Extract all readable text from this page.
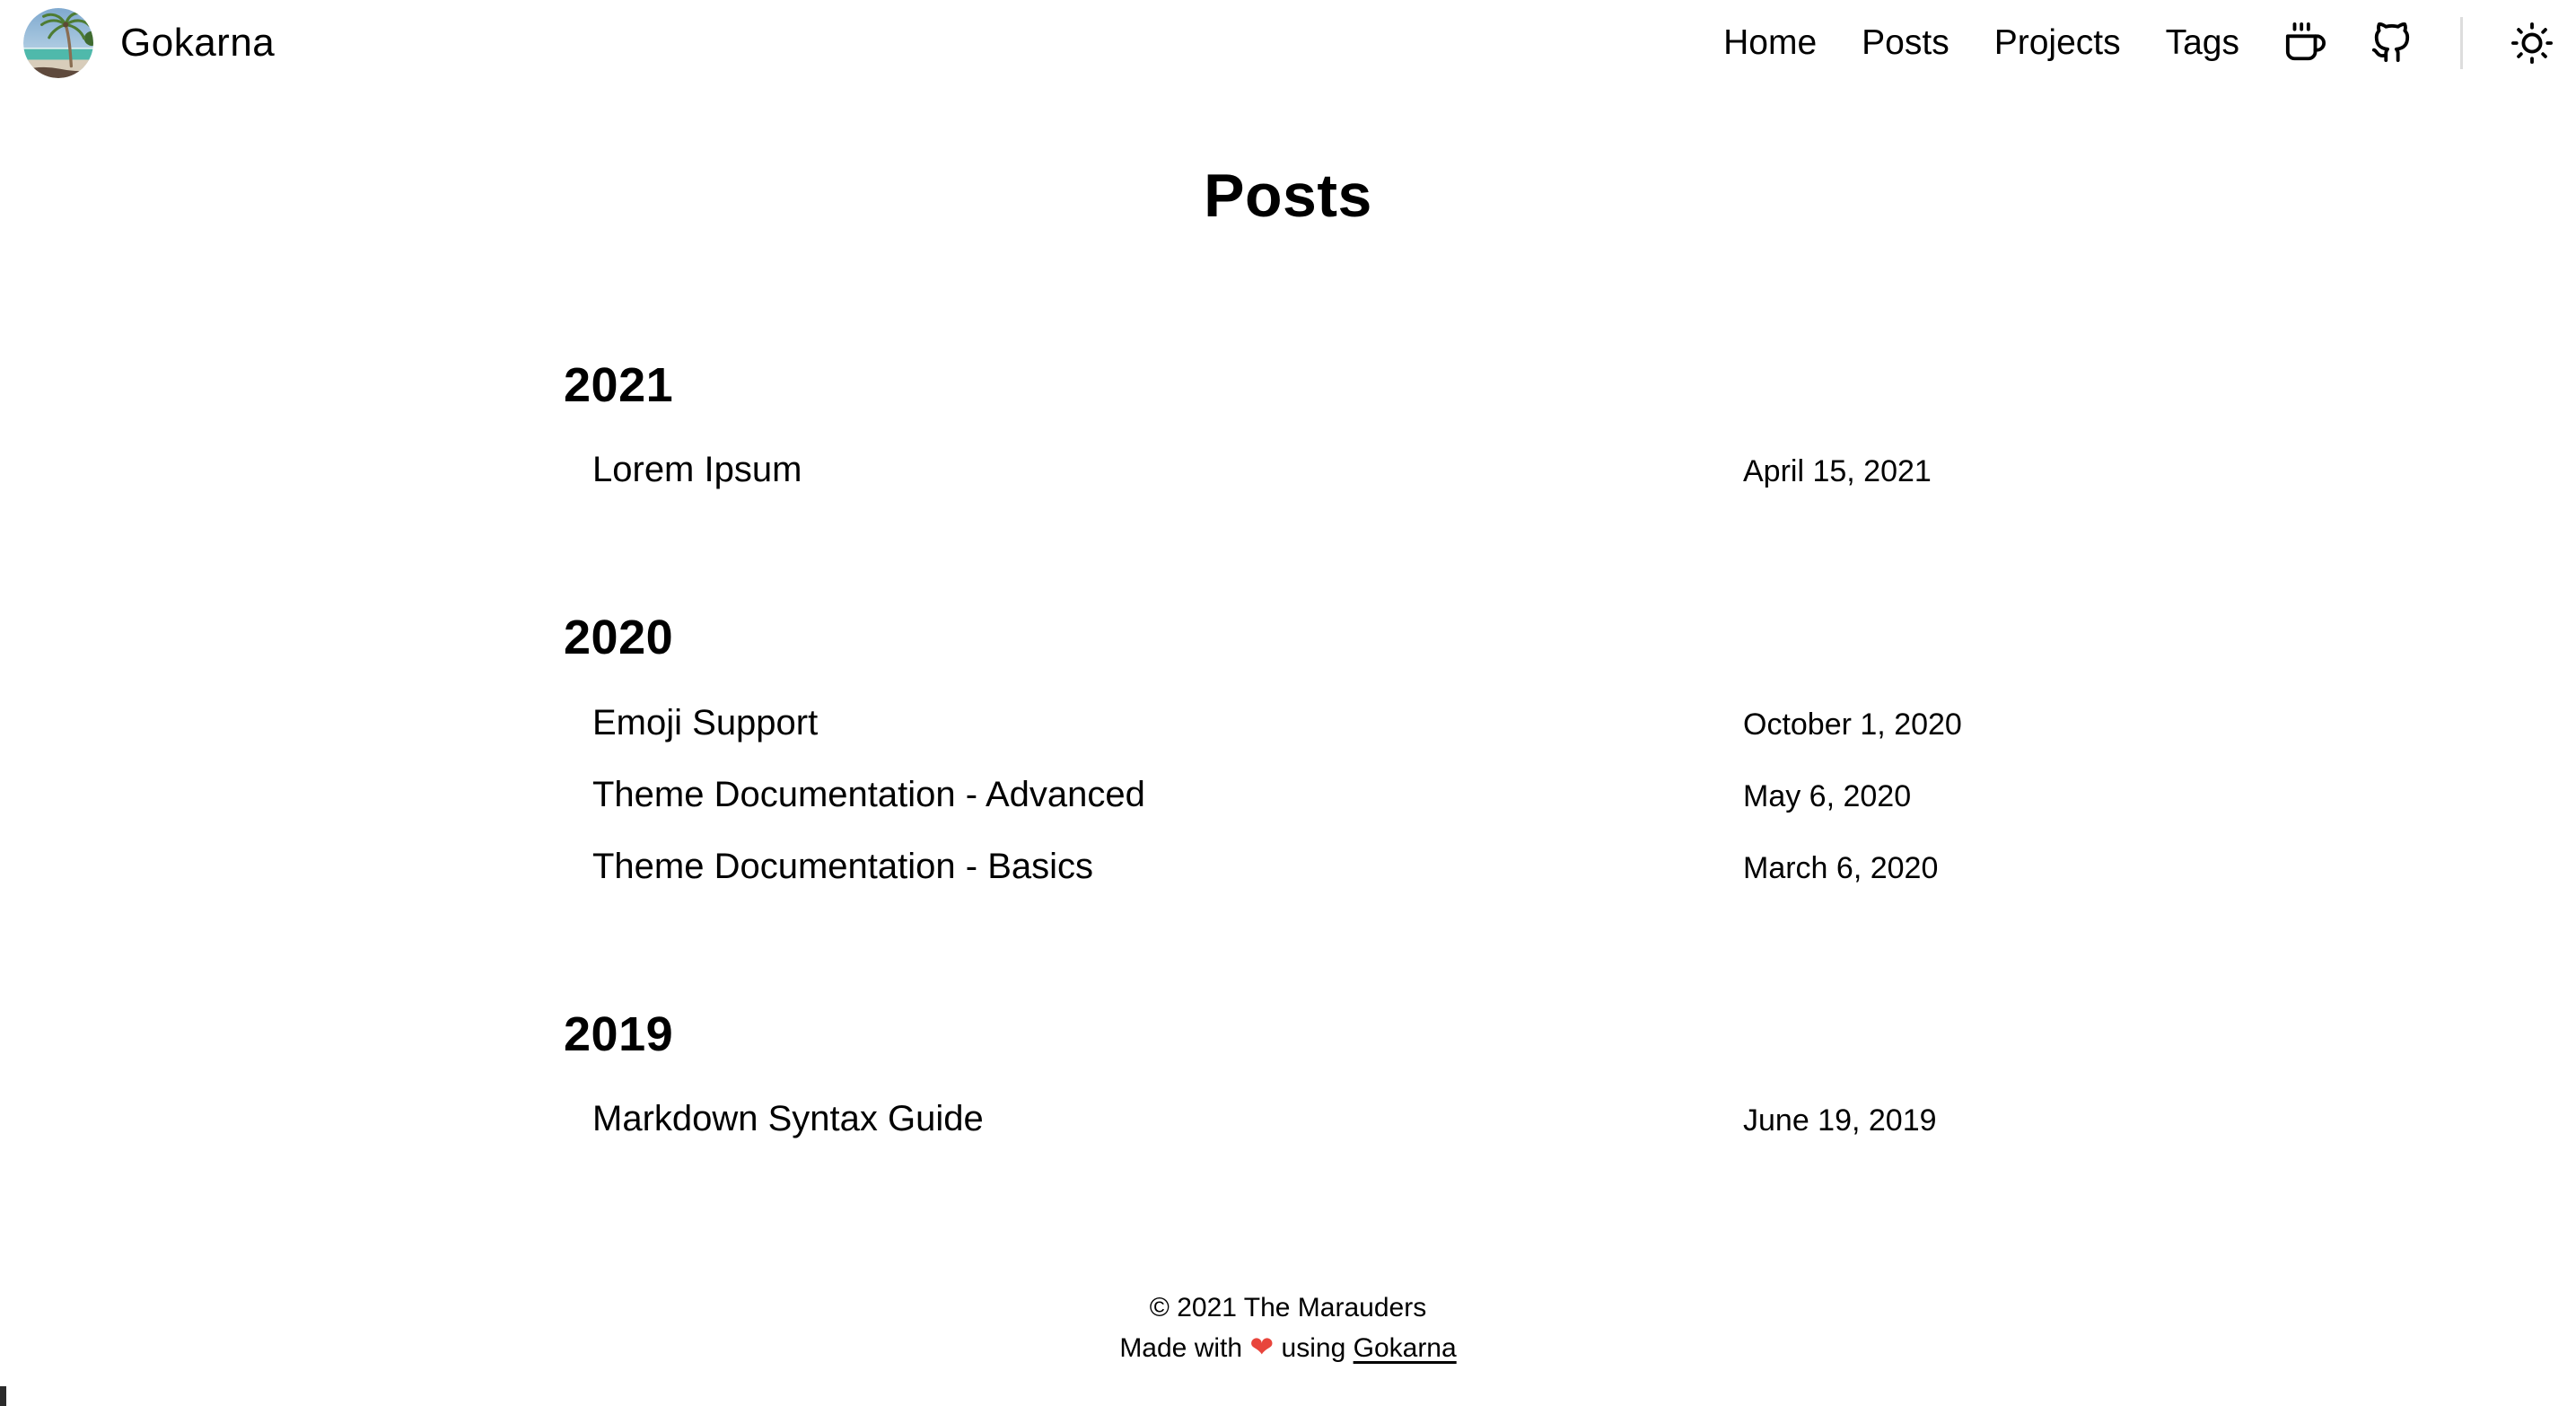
Gokarna	Home Posts Projects Tags
Posts
2021
Lorem Ipsum	April 15, 2021
2020
Emoji Support	October 1, 2020
Theme Documentation - Advanced	May 6, 2020
Theme Documentation - Basics	March 6, 2020
2019
Markdown Syntax Guide	June 19, 2019
© 2021 The Marauders
Made with ❤ using Gokarna
